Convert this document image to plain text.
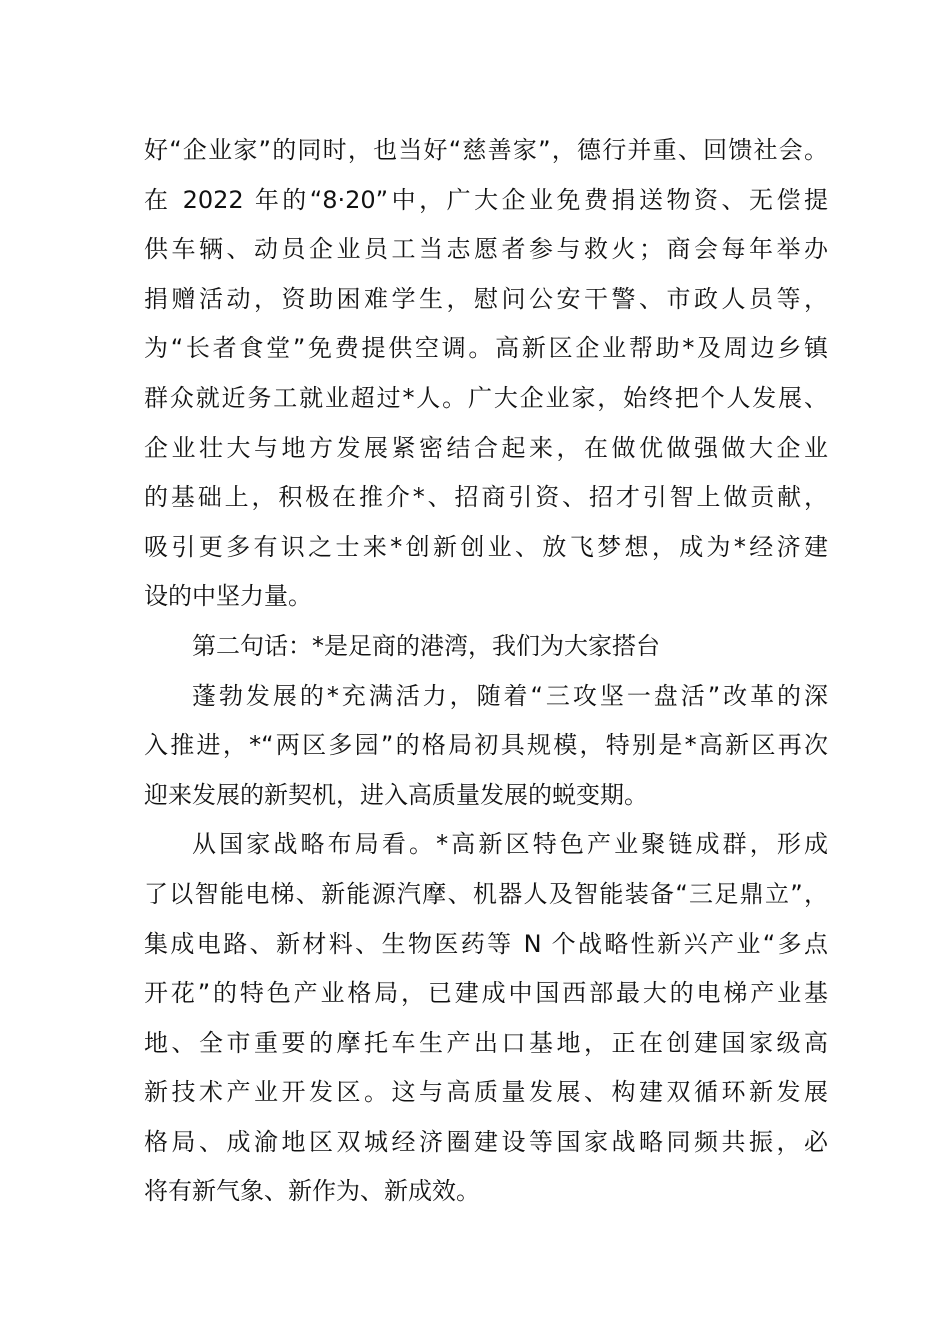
好“企业家”的同时，也当好“慈善家”，德行并重、回馈社会。
在 2022 年的“8·20”中，广大企业免费捐送物资、无偿提
供车辆、动员企业员工当志愿者参与救火；商会每年举办
捐赠活动，资助困难学生，慰问公安干警、市政人员等，
为“长者食堂”免费提供空调。高新区企业帮助*及周边乡镇
群众就近务工就业超过*人。广大企业家，始终把个人发展、
企业壮大与地方发展紧密结合起来，在做优做强做大企业
的基础上，积极在推介*、招商引资、招才引智上做贡献，
吸引更多有识之士来*创新创业、放飞梦想，成为*经济建
设的中坚力量。
第二句话：*是足商的港湾，我们为大家搭台
蓬勃发展的*充满活力，随着“三攻坚一盘活”改革的深
入推进，*“两区多园”的格局初具规模，特别是*高新区再次
迎来发展的新契机，进入高质量发展的蜕变期。
从国家战略布局看。*高新区特色产业聚链成群，形成
了以智能电梯、新能源汽摩、机器人及智能装备“三足鼎立”，
集成电路、新材料、生物医药等 N 个战略性新兴产业“多点
开花”的特色产业格局，已建成中国西部最大的电梯产业基
地、全市重要的摩托车生产出口基地，正在创建国家级高
新技术产业开发区。这与高质量发展、构建双循环新发展
格局、成渝地区双城经济圈建设等国家战略同频共振，必
将有新气象、新作为、新成效。
